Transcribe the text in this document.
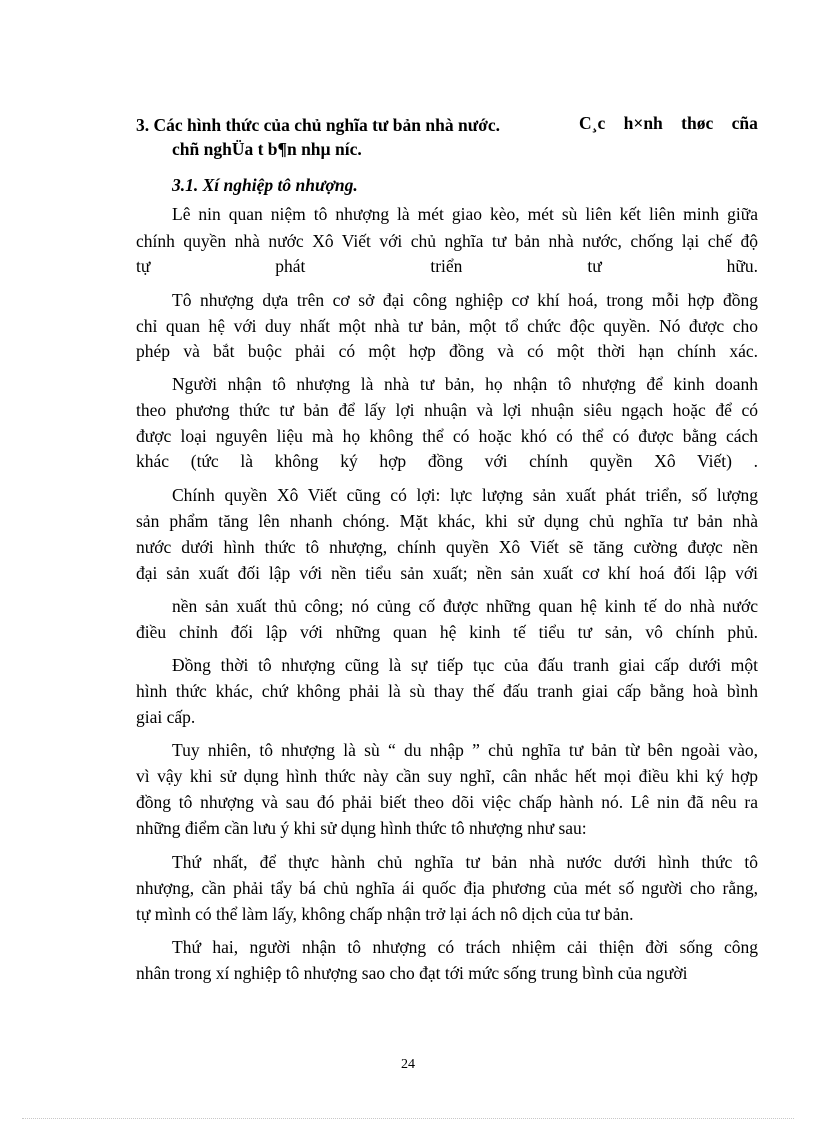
3. Các hình thức của chủ nghĩa tư bản nhà nước.	C¸c h×nh thøc cña
chñ nghÜa t b¶n nhµ níc.
3.1. Xí nghiệp tô nhượng.
Lê nin quan niệm tô nhượng là mét giao kèo, mét sù liên kết liên minh giữa
chính quyền nhà nước Xô Viết với chủ nghĩa tư bản nhà nước, chống lại chế độ
tự phát triển tư hữu.
Tô nhượng dựa trên cơ sở đại công nghiệp cơ khí hoá, trong mỗi hợp đồng
chỉ quan hệ với duy nhất một nhà tư bản, một tổ chức độc quyền. Nó được cho
phép và bắt buộc phải có một hợp đồng và có một thời hạn chính xác.
Người nhận tô nhượng là nhà tư bản, họ nhận tô nhượng để kinh doanh
theo phương thức tư bản để lấy lợi nhuận và lợi nhuận siêu ngạch hoặc để có
được loại nguyên liệu mà họ không thể có hoặc khó có thể có được bằng cách
khác (tức là không ký hợp đồng với chính quyền Xô Viết) .
Chính quyền Xô Viết cũng có lợi: lực lượng sản xuất phát triển, số lượng
sản phẩm tăng lên nhanh chóng. Mặt khác, khi sử dụng chủ nghĩa tư bản nhà
nước dưới hình thức tô nhượng, chính quyền Xô Viết sẽ tăng cường được nền
đại sản xuất đối lập với nền tiểu sản xuất; nền sản xuất cơ khí hoá đối lập với
nền sản xuất thủ công; nó củng cố được những quan hệ kinh tế do nhà nước
điều chỉnh đối lập với những quan hệ kinh tế tiểu tư sản, vô chính phủ.
Đồng thời tô nhượng cũng là sự tiếp tục của đấu tranh giai cấp dưới một
hình thức khác, chứ không phải là sù thay thế đấu tranh giai cấp bằng hoà bình
giai cấp.
Tuy nhiên, tô nhượng là sù “ du nhập ” chủ nghĩa tư bản từ bên ngoài vào,
vì vậy khi sử dụng hình thức này cần suy nghĩ, cân nhắc hết mọi điều khi ký hợp
đồng tô nhượng và sau đó phải biết theo dõi việc chấp hành nó. Lê nin đã nêu ra
những điểm cần lưu ý khi sử dụng hình thức tô nhượng như sau:
Thứ nhất, để thực hành chủ nghĩa tư bản nhà nước dưới hình thức tô
nhượng, cần phải tẩy bá chủ nghĩa ái quốc địa phương của mét số người cho rằng,
tự mình có thể làm lấy, không chấp nhận trở lại ách nô dịch của tư bản.
Thứ hai, người nhận tô nhượng có trách nhiệm cải thiện đời sống công
nhân trong xí nghiệp tô nhượng sao cho đạt tới mức sống trung bình của người
24
